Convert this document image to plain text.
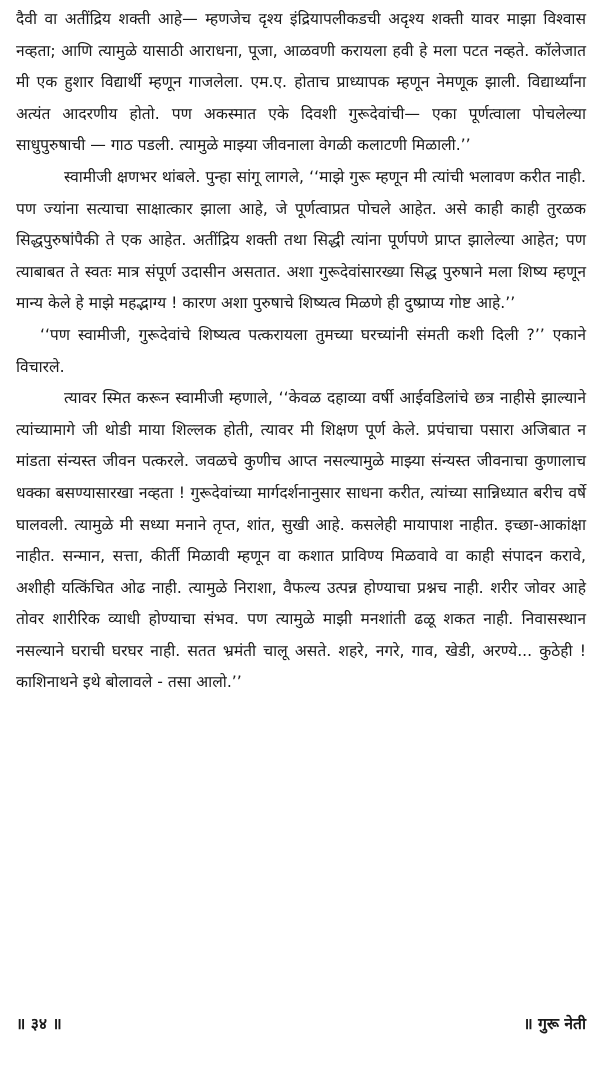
दैवी वा अतींद्रिय शक्ती आहे— म्हणजेच दृश्य इंद्रियापलीकडची अदृश्य शक्ती यावर माझा विश्वास नव्हता; आणि त्यामुळे यासाठी आराधना, पूजा, आळवणी करायला हवी हे मला पटत नव्हते. कॉलेजात मी एक हुशार विद्यार्थी म्हणून गाजलेला. एम.ए. होताच प्राध्यापक म्हणून नेमणूक झाली. विद्यार्थ्यांना अत्यंत आदरणीय होतो. पण अकस्मात एके दिवशी गुरूदेवांची— एका पूर्णत्वाला पोचलेल्या साधुपुरुषाची — गाठ पडली. त्यामुळे माझ्या जीवनाला वेगळी कलाटणी मिळाली.’’

स्वामीजी क्षणभर थांबले. पुन्हा सांगू लागले, ‘‘माझे गुरू म्हणून मी त्यांची भलावण करीत नाही. पण ज्यांना सत्याचा साक्षात्कार झाला आहे, जे पूर्णत्वाप्रत पोचले आहेत. असे काही काही तुरळक सिद्धपुरुषांपैकी ते एक आहेत. अतींद्रिय शक्ती तथा सिद्धी त्यांना पूर्णपणे प्राप्त झालेल्या आहेत; पण त्याबाबत ते स्वतः मात्र संपूर्ण उदासीन असतात. अशा गुरूदेवांसारख्या सिद्ध पुरुषाने मला शिष्य म्हणून मान्य केले हे माझे महद्भाग्य ! कारण अशा पुरुषाचे शिष्यत्व मिळणे ही दुष्प्राप्य गोष्ट आहे.’’

‘‘पण स्वामीजी, गुरूदेवांचे शिष्यत्व पत्करायला तुमच्या घरच्यांनी संमती कशी दिली ?’’ एकाने विचारले.

त्यावर स्मित करून स्वामीजी म्हणाले, ‘‘केवळ दहाव्या वर्षी आईवडिलांचे छत्र नाहीसे झाल्याने त्यांच्यामागे जी थोडी माया शिल्लक होती, त्यावर मी शिक्षण पूर्ण केले. प्रपंचाचा पसारा अजिबात न मांडता संन्यस्त जीवन पत्करले. जवळचे कुणीच आप्त नसल्यामुळे माझ्या संन्यस्त जीवनाचा कुणालाच धक्का बसण्यासारखा नव्हता ! गुरूदेवांच्या मार्गदर्शनानुसार साधना करीत, त्यांच्या सान्निध्यात बरीच वर्षे घालवली. त्यामुळे मी सध्या मनाने तृप्त, शांत, सुखी आहे. कसलेही मायापाश नाहीत. इच्छा-आकांक्षा नाहीत. सन्मान, सत्ता, कीर्ती मिळावी म्हणून वा कशात प्राविण्य मिळवावे वा काही संपादन करावे, अशीही यत्किंचित ओढ नाही. त्यामुळे निराशा, वैफल्य उत्पन्न होण्याचा प्रश्नच नाही. शरीर जोवर आहे तोवर शारीरिक व्याधी होण्याचा संभव. पण त्यामुळे माझी मनशांती ढळू शकत नाही. निवासस्थान नसल्याने घराची घरघर नाही. सतत भ्रमंती चालू असते. शहरे, नगरे, गाव, खेडी, अरण्ये... कुठेही ! काशिनाथने इथे बोलावले - तसा आलो.’’

॥ ३४ ॥	॥ गुरू नेती
